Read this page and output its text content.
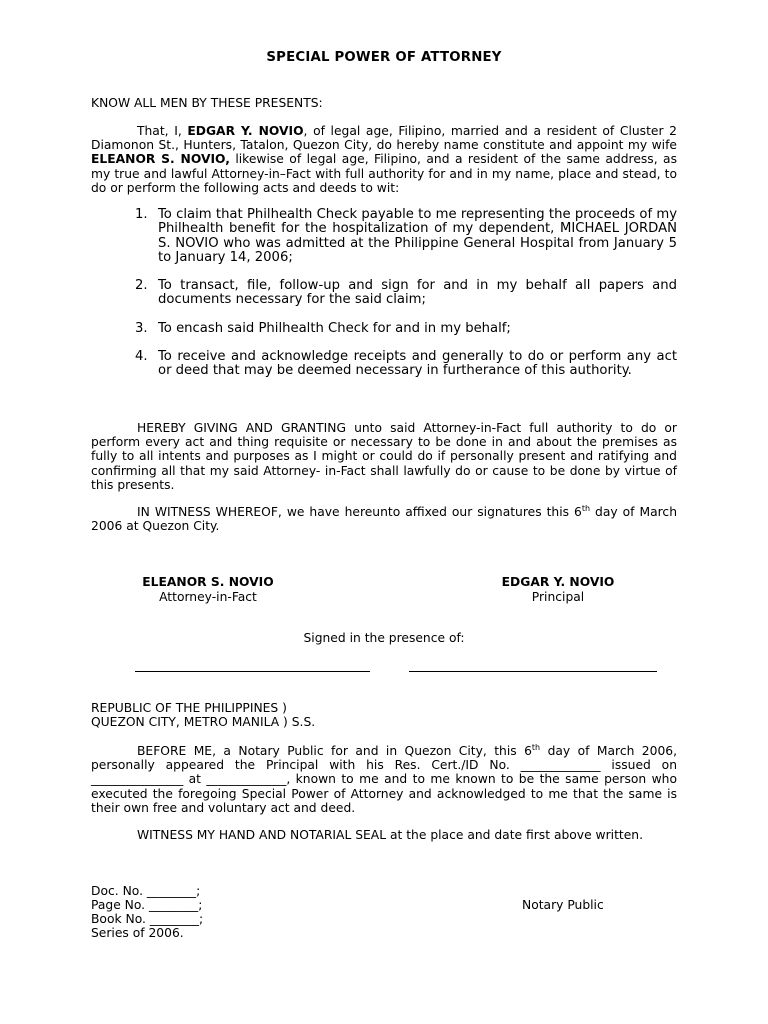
SPECIAL POWER OF ATTORNEY
KNOW ALL MEN BY THESE PRESENTS:
That, I, EDGAR Y. NOVIO, of legal age, Filipino, married and a resident of Cluster 2 Diamonon St., Hunters, Tatalon, Quezon City, do hereby name constitute and appoint my wife ELEANOR S. NOVIO, likewise of legal age, Filipino, and a resident of the same address, as my true and lawful Attorney-in–Fact with full authority for and in my name, place and stead, to do or perform the following acts and deeds to wit:
1. To claim that Philhealth Check payable to me representing the proceeds of my Philhealth benefit for the hospitalization of my dependent, MICHAEL JORDAN S. NOVIO who was admitted at the Philippine General Hospital from January 5 to January 14, 2006;
2. To transact, file, follow-up and sign for and in my behalf all papers and documents necessary for the said claim;
3. To encash said Philhealth Check for and in my behalf;
4. To receive and acknowledge receipts and generally to do or perform any act or deed that may be deemed necessary in furtherance of this authority.
HEREBY GIVING AND GRANTING unto said Attorney-in-Fact full authority to do or perform every act and thing requisite or necessary to be done in and about the premises as fully to all intents and purposes as I might or could do if personally present and ratifying and confirming all that my said Attorney- in-Fact shall lawfully do or cause to be done by virtue of this presents.
IN WITNESS WHEREOF, we have hereunto affixed our signatures this 6th day of March 2006 at Quezon City.
ELEANOR S. NOVIO
Attorney-in-Fact
EDGAR Y. NOVIO
Principal
Signed in the presence of:
REPUBLIC OF THE PHILIPPINES )
QUEZON CITY, METRO MANILA ) S.S.
BEFORE ME, a Notary Public for and in Quezon City, this 6th day of March 2006, personally appeared the Principal with his Res. Cert./ID No. _____________ issued on _______________ at _____________, known to me and to me known to be the same person who executed the foregoing Special Power of Attorney and acknowledged to me that the same is their own free and voluntary act and deed.
WITNESS MY HAND AND NOTARIAL SEAL at the place and date first above written.
Doc. No. ________;
Page No. ________;
Book No. ________;
Series of 2006.
Notary Public
